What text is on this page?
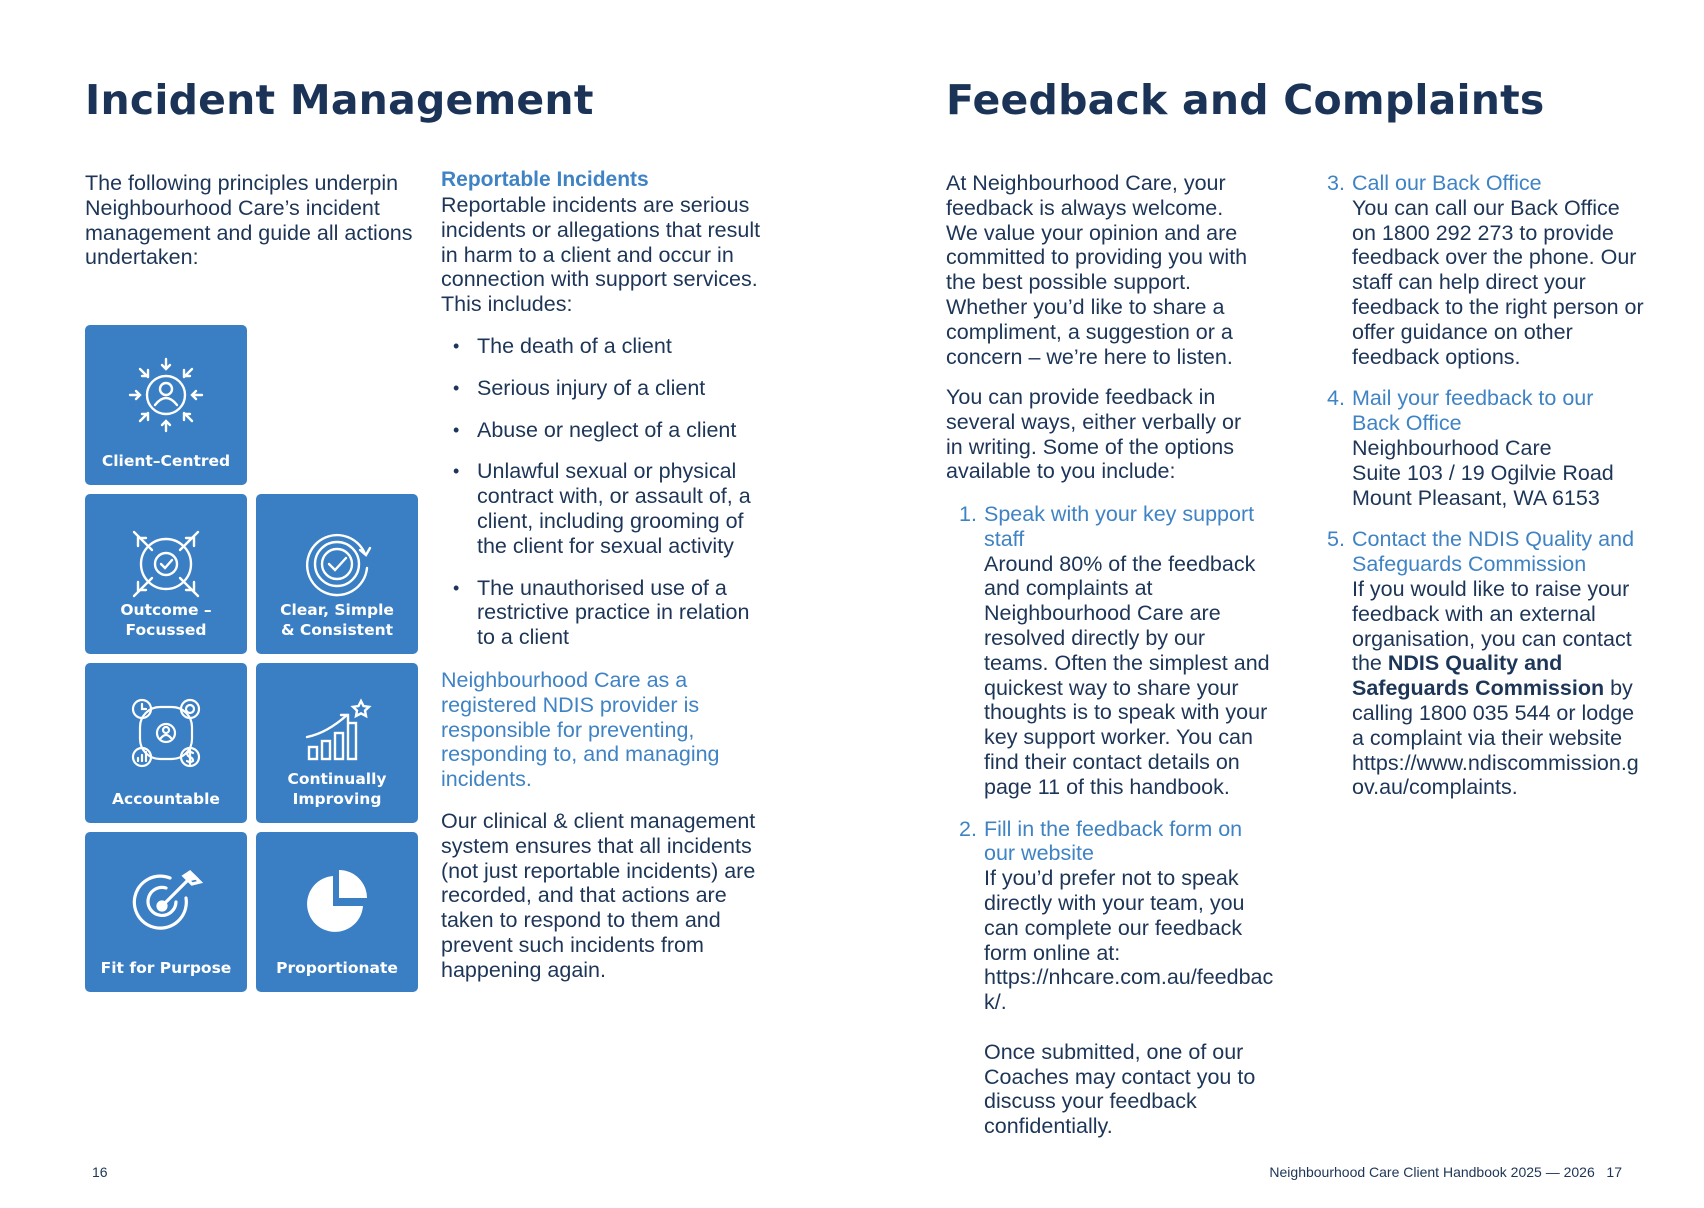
Incident Management

The following principles underpin Neighbourhood Care’s incident management and guide all actions undertaken:

Client–Centred
Outcome –
Focussed
Clear, Simple
& Consistent
Accountable
Continually
Improving
Fit for Purpose	Proportionate
Reportable Incidents

Reportable incidents are serious incidents or allegations that result in harm to a client and occur in connection with support services. This includes:

• The death of a client
• Serious injury of a client
• Abuse or neglect of a client
• Unlawful sexual or physical contract with, or assault of, a client, including grooming of the client for sexual activity
• The unauthorised use of a restrictive practice in relation to a client

Neighbourhood Care as a registered NDIS provider is responsible for preventing, responding to, and managing incidents.

Our clinical & client management system ensures that all incidents (not just reportable incidents) are recorded, and that actions are taken to respond to them and prevent such incidents from happening again.

16
Feedback and Complaints

At Neighbourhood Care, your feedback is always welcome. We value your opinion and are committed to providing you with the best possible support. Whether you’d like to share a compliment, a suggestion or a concern – we’re here to listen.

You can provide feedback in several ways, either verbally or in writing. Some of the options available to you include:

1. Speak with your key support staff

Around 80% of the feedback and complaints at Neighbourhood Care are resolved directly by our teams. Often the simplest and quickest way to share your thoughts is to speak with your key support worker. You can find their contact details on page 11 of this handbook.

2. Fill in the feedback form on our website

If you’d prefer not to speak directly with your team, you can complete our feedback form online at: https://nhcare.com.au/feedback/.

Once submitted, one of our Coaches may contact you to discuss your feedback confidentially.

3. Call our Back Office

You can call our Back Office on 1800 292 273 to provide feedback over the phone. Our staff can help direct your feedback to the right person or offer guidance on other feedback options.

4. Mail your feedback to our Back Office

Neighbourhood Care
Suite 103 / 19 Ogilvie Road
Mount Pleasant, WA 6153

5. Contact the NDIS Quality and Safeguards Commission

If you would like to raise your feedback with an external organisation, you can contact the NDIS Quality and Safeguards Commission by calling 1800 035 544 or lodge a complaint via their website https://www.ndiscommission.gov.au/complaints.

Neighbourhood Care Client Handbook 2025 — 2026 17
